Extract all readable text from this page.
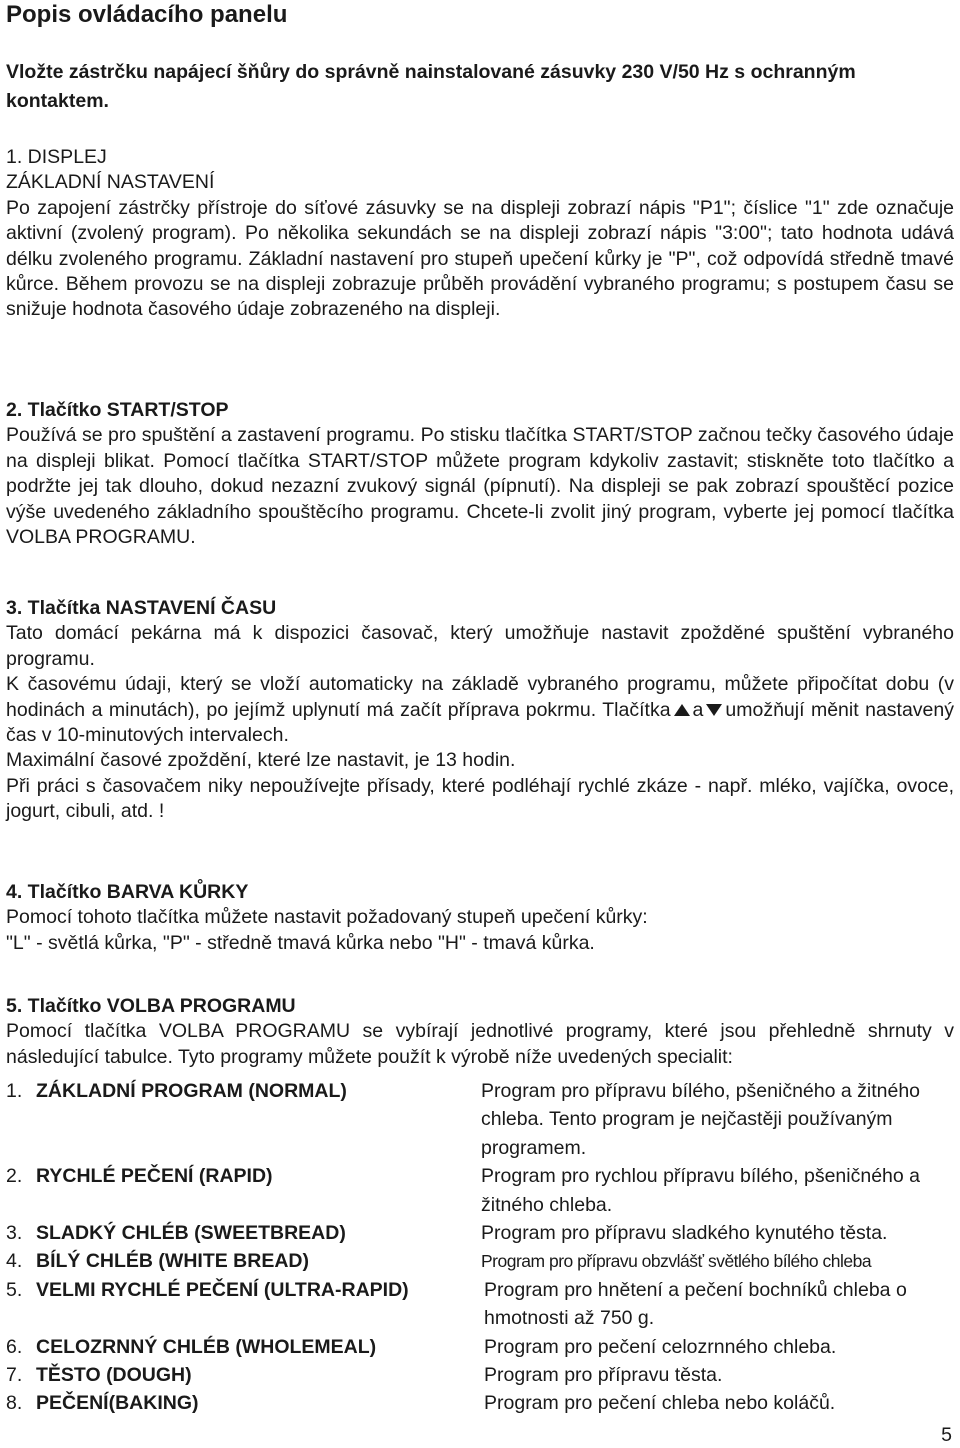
Popis ovládacího panelu
Vložte zástrčku napájecí šňůry do správně nainstalované zásuvky 230 V/50 Hz s ochranným kontaktem.
1. DISPLEJ
ZÁKLADNÍ NASTAVENÍ

Po zapojení zástrčky přístroje do síťové zásuvky se na displeji zobrazí nápis "P1"; číslice "1" zde označuje aktivní (zvolený program). Po několika sekundách se na displeji zobrazí nápis "3:00"; tato hodnota udává délku zvoleného programu. Základní nastavení pro stupeň upečení kůrky je "P", což odpovídá středně tmavé kůrce. Během provozu se na displeji zobrazuje průběh provádění vybraného programu; s postupem času se snižuje hodnota časového údaje zobrazeného na displeji.

2. Tlačítko START/STOP

Používá se pro spuštění a zastavení programu. Po stisku tlačítka START/STOP začnou tečky časového údaje na displeji blikat. Pomocí tlačítka START/STOP můžete program kdykoliv zastavit; stiskněte toto tlačítko a podržte jej tak dlouho, dokud nezazní zvukový signál (pípnutí). Na displeji se pak zobrazí spouštěcí pozice výše uvedeného základního spouštěcího programu. Chcete-li zvolit jiný program, vyberte jej pomocí tlačítka VOLBA PROGRAMU.

3. Tlačítka NASTAVENÍ ČASU

Tato domácí pekárna má k dispozici časovač, který umožňuje nastavit zpožděné spuštění vybraného programu.

K časovému údaji, který se vloží automaticky na základě vybraného programu, můžete připočítat dobu (v hodinách a minutách), po jejímž uplynutí má začít příprava pokrmu. Tlačítka a umožňují měnit nastavený čas v 10-minutových intervalech.

Maximální časové zpoždění, které lze nastavit, je 13 hodin.

Při práci s časovačem niky nepoužívejte přísady, které podléhají rychlé zkáze - např. mléko, vajíčka, ovoce, jogurt, cibuli, atd. !

4. Tlačítko BARVA KŮRKY

Pomocí tohoto tlačítka můžete nastavit požadovaný stupeň upečení kůrky:

"L" - světlá kůrka, "P" - středně tmavá kůrka nebo "H" - tmavá kůrka.

5. Tlačítko VOLBA PROGRAMU

Pomocí tlačítka VOLBA PROGRAMU se vybírají jednotlivé programy, které jsou přehledně shrnuty v následující tabulce. Tyto programy můžete použít k výrobě níže uvedených specialit:

1. ZÁKLADNÍ PROGRAM (NORMAL)	Program pro přípravu bílého, pšeničného a žitného chleba. Tento program je nejčastěji používaným programem.
2. RYCHLÉ PEČENÍ (RAPID)	Program pro rychlou přípravu bílého, pšeničného a žitného chleba.
3. SLADKÝ CHLÉB (SWEETBREAD)	Program pro přípravu sladkého kynutého těsta.
4. BÍLÝ CHLÉB (WHITE BREAD)	Program pro přípravu obzvlášť světlého bílého chleba
5. VELMI RYCHLÉ PEČENÍ (ULTRA-RAPID)	Program pro hnětení a pečení bochníků chleba o hmotnosti až 750 g.
6. CELOZRNNÝ CHLÉB (WHOLEMEAL)	Program pro pečení celozrnného chleba.
7. TĚSTO (DOUGH)	Program pro přípravu těsta.
8. PEČENÍ(BAKING)	Program pro pečení chleba nebo koláčů.
5
